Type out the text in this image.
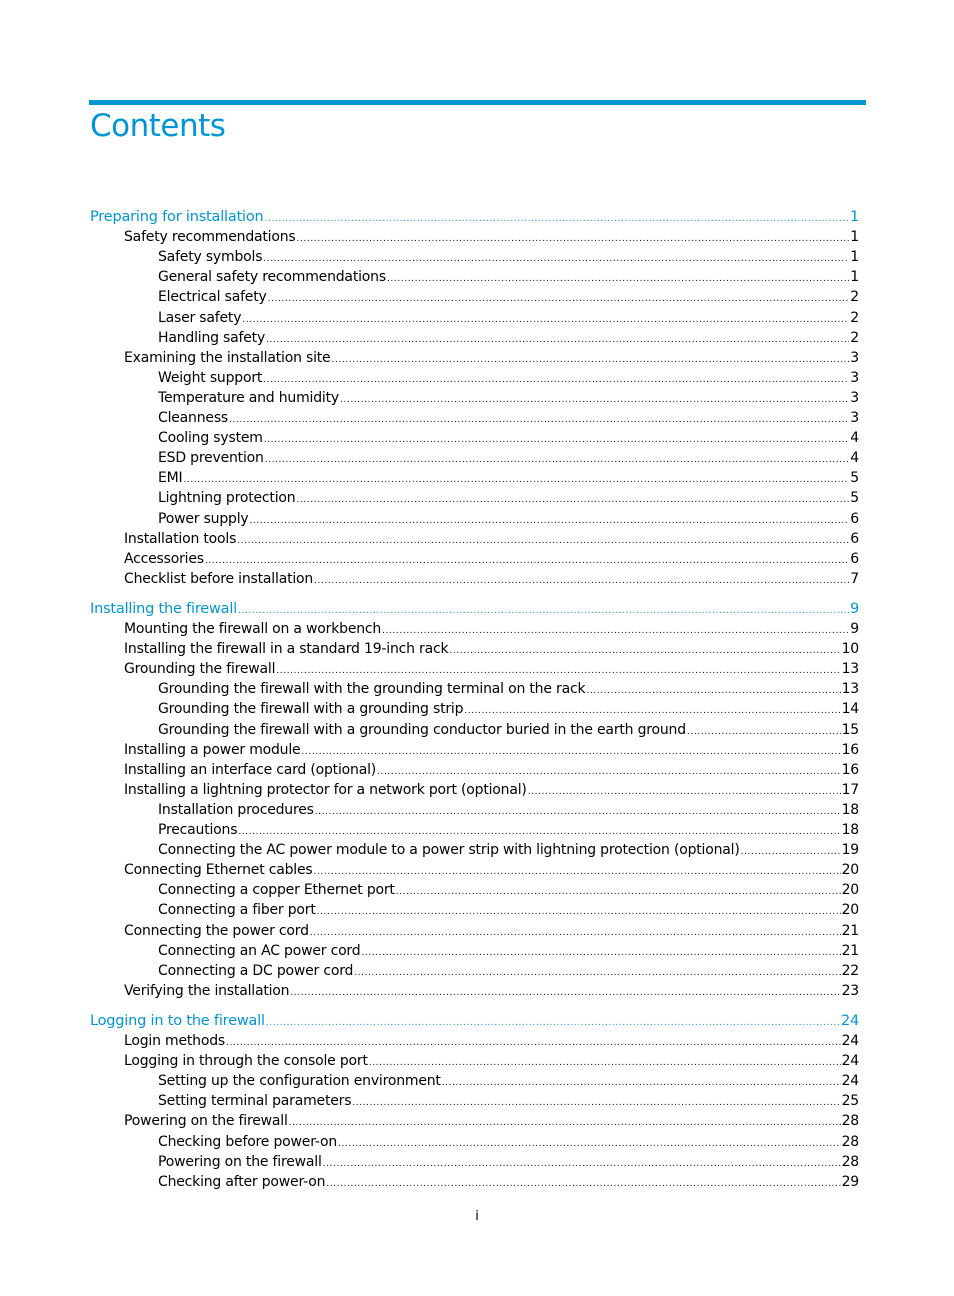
Contents
Preparing for installation .....	1
Safety recommendations .....	1
Safety symbols .....	1
General safety recommendations .....	1
Electrical safety .....	2
Laser safety .....	2
Handling safety .....	2
Examining the installation site .....	3
Weight support .....	3
Temperature and humidity .....	3
Cleanness .....	3
Cooling system .....	4
ESD prevention .....	4
EMI .....	5
Lightning protection .....	5
Power supply .....	6
Installation tools .....	6
Accessories .....	6
Checklist before installation .....	7
Installing the firewall .....	9
Mounting the firewall on a workbench .....	9
Installing the firewall in a standard 19-inch rack .....	10
Grounding the firewall .....	13
Grounding the firewall with the grounding terminal on the rack .....	13
Grounding the firewall with a grounding strip .....	14
Grounding the firewall with a grounding conductor buried in the earth ground .....	15
Installing a power module .....	16
Installing an interface card (optional) .....	16
Installing a lightning protector for a network port (optional) .....	17
Installation procedures .....	18
Precautions .....	18
Connecting the AC power module to a power strip with lightning protection (optional) .....	19
Connecting Ethernet cables .....	20
Connecting a copper Ethernet port .....	20
Connecting a fiber port .....	20
Connecting the power cord .....	21
Connecting an AC power cord .....	21
Connecting a DC power cord .....	22
Verifying the installation .....	23
Logging in to the firewall .....	24
Login methods .....	24
Logging in through the console port .....	24
Setting up the configuration environment .....	24
Setting terminal parameters .....	25
Powering on the firewall .....	28
Checking before power-on .....	28
Powering on the firewall .....	28
Checking after power-on .....	29
i
